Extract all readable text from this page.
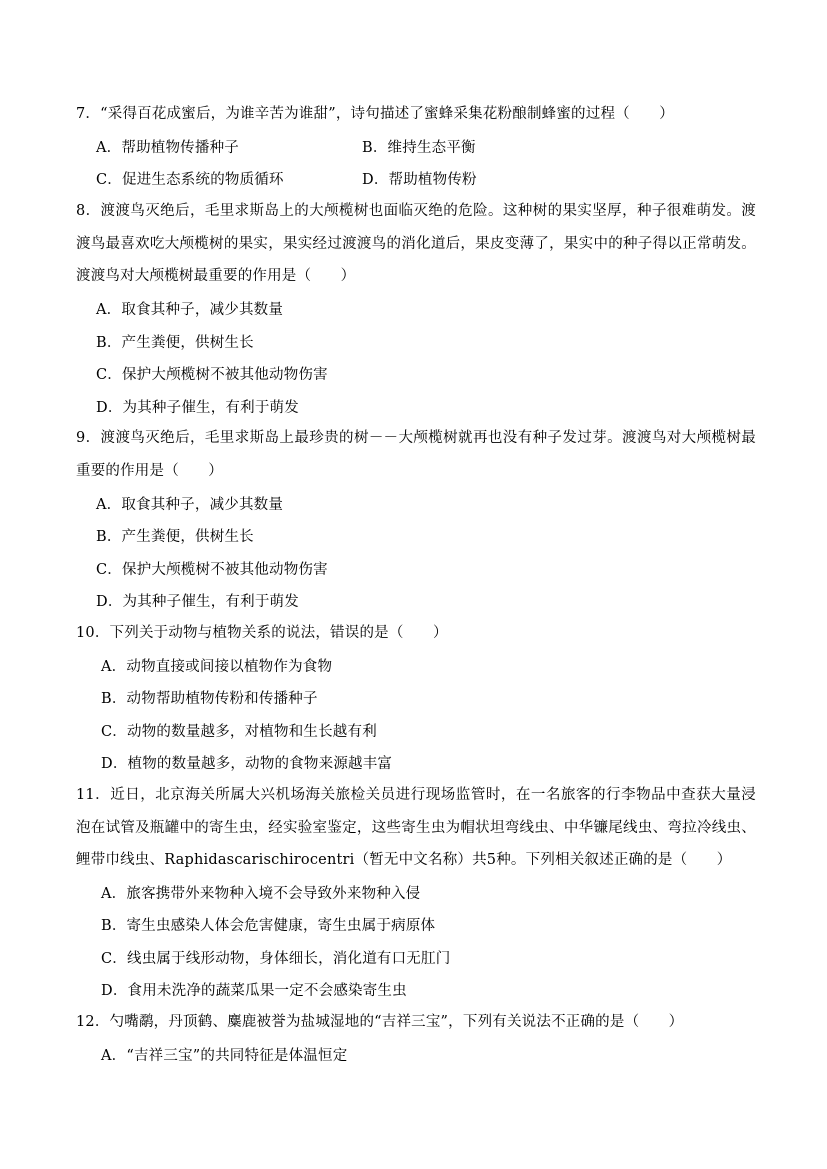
7．“采得百花成蜜后，为谁辛苦为谁甜”，诗句描述了蜜蜂采集花粉酿制蜂蜜的过程（　　）
A．帮助植物传播种子	B．维持生态平衡
C．促进生态系统的物质循环	D．帮助植物传粉
8．渡渡鸟灭绝后，毛里求斯岛上的大颅榄树也面临灭绝的危险。这种树的果实坚厚，种子很难萌发。渡渡鸟最喜欢吃大颅榄树的果实，果实经过渡渡鸟的消化道后，果皮变薄了，果实中的种子得以正常萌发。渡渡鸟对大颅榄树最重要的作用是（　　）
A．取食其种子，减少其数量
B．产生粪便，供树生长
C．保护大颅榄树不被其他动物伤害
D．为其种子催生，有利于萌发
9．渡渡鸟灭绝后，毛里求斯岛上最珍贵的树－－大颅榄树就再也没有种子发过芽。渡渡鸟对大颅榄树最重要的作用是（　　）
A．取食其种子，减少其数量
B．产生粪便，供树生长
C．保护大颅榄树不被其他动物伤害
D．为其种子催生，有利于萌发
10．下列关于动物与植物关系的说法，错误的是（　　）
A．动物直接或间接以植物作为食物
B．动物帮助植物传粉和传播种子
C．动物的数量越多，对植物和生长越有利
D．植物的数量越多，动物的食物来源越丰富
11．近日，北京海关所属大兴机场海关旅检关员进行现场监管时，在一名旅客的行李物品中查获大量浸泡在试管及瓶罐中的寄生虫，经实验室鉴定，这些寄生虫为帽状坦弯线虫、中华镰尾线虫、弯拉冷线虫、鲤带巾线虫、Raphidascarischirocentri（暂无中文名称）共5种。下列相关叙述正确的是（　　）
A．旅客携带外来物种入境不会导致外来物种入侵
B．寄生虫感染人体会危害健康，寄生虫属于病原体
C．线虫属于线形动物，身体细长，消化道有口无肛门
D．食用未洗净的蔬菜瓜果一定不会感染寄生虫
12．勺嘴鹬，丹顶鹤、麋鹿被誉为盐城湿地的“吉祥三宝”，下列有关说法不正确的是（　　）
A．“吉祥三宝”的共同特征是体温恒定
